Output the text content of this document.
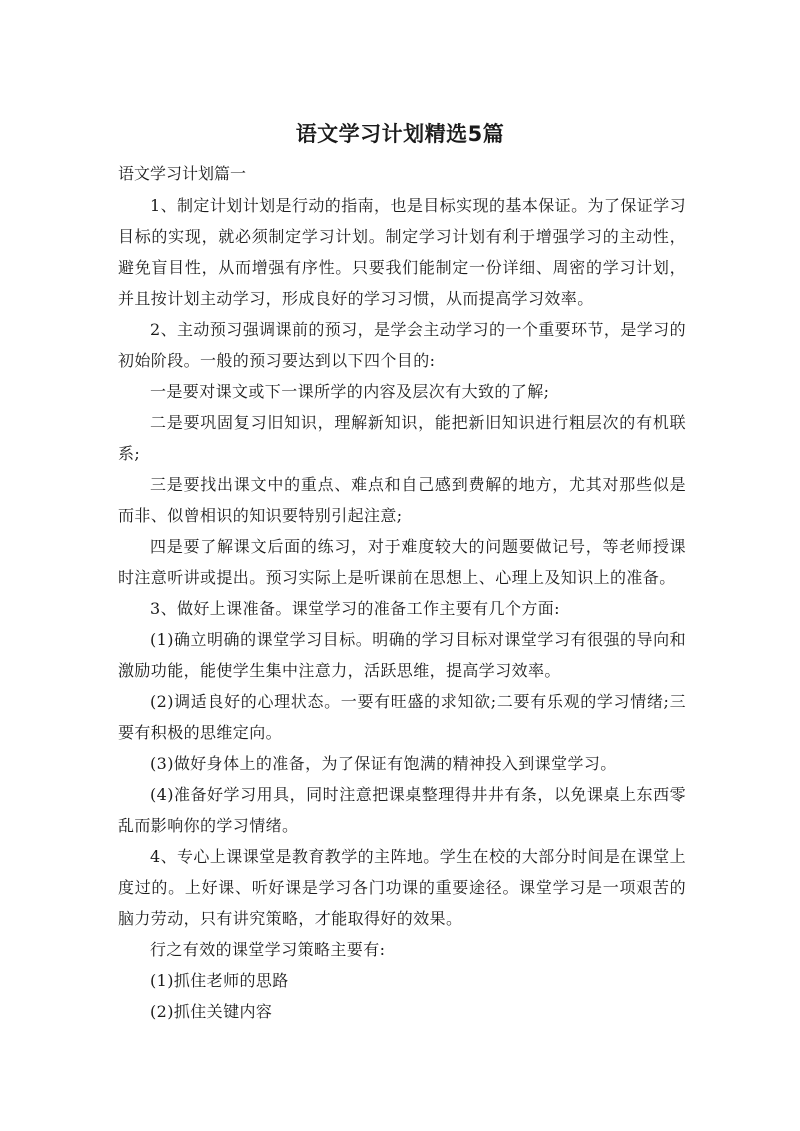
语文学习计划精选5篇

语文学习计划篇一

1、制定计划计划是行动的指南，也是目标实现的基本保证。为了保证学习目标的实现，就必须制定学习计划。制定学习计划有利于增强学习的主动性，避免盲目性，从而增强有序性。只要我们能制定一份详细、周密的学习计划，并且按计划主动学习，形成良好的学习习惯，从而提高学习效率。

2、主动预习强调课前的预习，是学会主动学习的一个重要环节，是学习的初始阶段。一般的预习要达到以下四个目的:

一是要对课文或下一课所学的内容及层次有大致的了解;

二是要巩固复习旧知识，理解新知识，能把新旧知识进行粗层次的有机联系;

三是要找出课文中的重点、难点和自己感到费解的地方，尤其对那些似是而非、似曾相识的知识要特别引起注意;

四是要了解课文后面的练习，对于难度较大的问题要做记号，等老师授课时注意听讲或提出。预习实际上是听课前在思想上、心理上及知识上的准备。

3、做好上课准备。课堂学习的准备工作主要有几个方面:

(1)确立明确的课堂学习目标。明确的学习目标对课堂学习有很强的导向和激励功能，能使学生集中注意力，活跃思维，提高学习效率。

(2)调适良好的心理状态。一要有旺盛的求知欲;二要有乐观的学习情绪;三要有积极的思维定向。

(3)做好身体上的准备，为了保证有饱满的精神投入到课堂学习。

(4)准备好学习用具，同时注意把课桌整理得井井有条，以免课桌上东西零乱而影响你的学习情绪。

4、专心上课课堂是教育教学的主阵地。学生在校的大部分时间是在课堂上度过的。上好课、听好课是学习各门功课的重要途径。课堂学习是一项艰苦的脑力劳动，只有讲究策略，才能取得好的效果。

行之有效的课堂学习策略主要有:

(1)抓住老师的思路

(2)抓住关键内容
